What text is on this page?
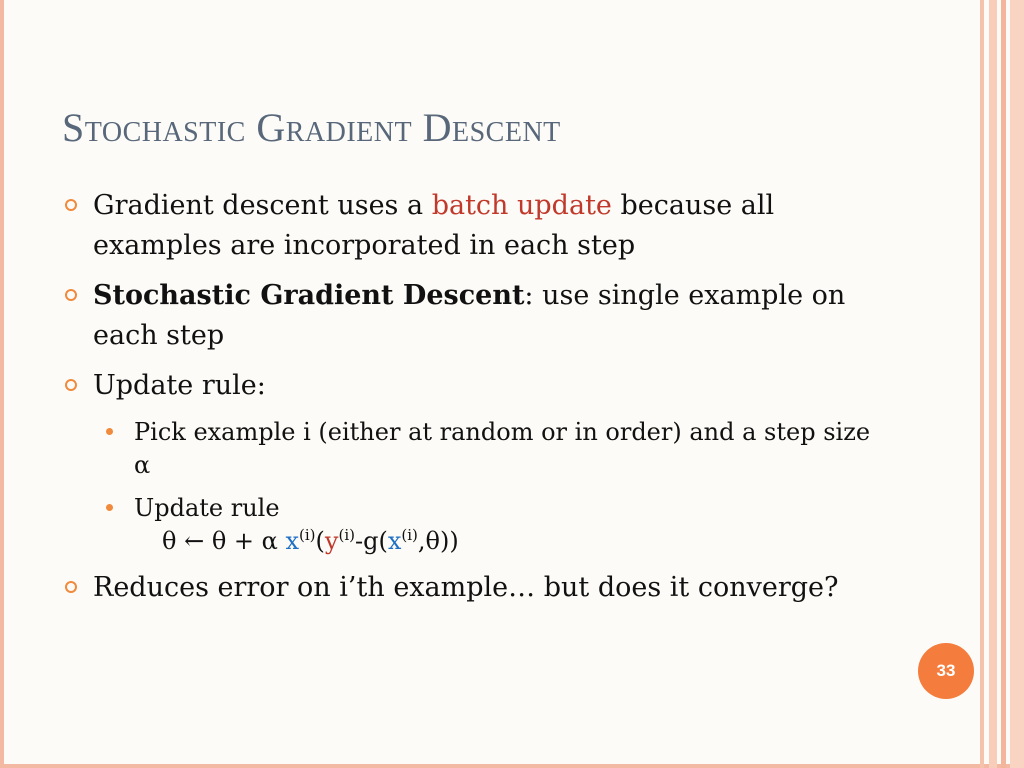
Stochastic Gradient Descent
Gradient descent uses a batch update because all examples are incorporated in each step
Stochastic Gradient Descent: use single example on each step
Update rule:
Pick example i (either at random or in order) and a step size α
Update rule
θ ← θ + α $x^{(i)}(y^{(i)}-g(x^{(i)},\theta))$
Reduces error on i’th example… but does it converge?
33
